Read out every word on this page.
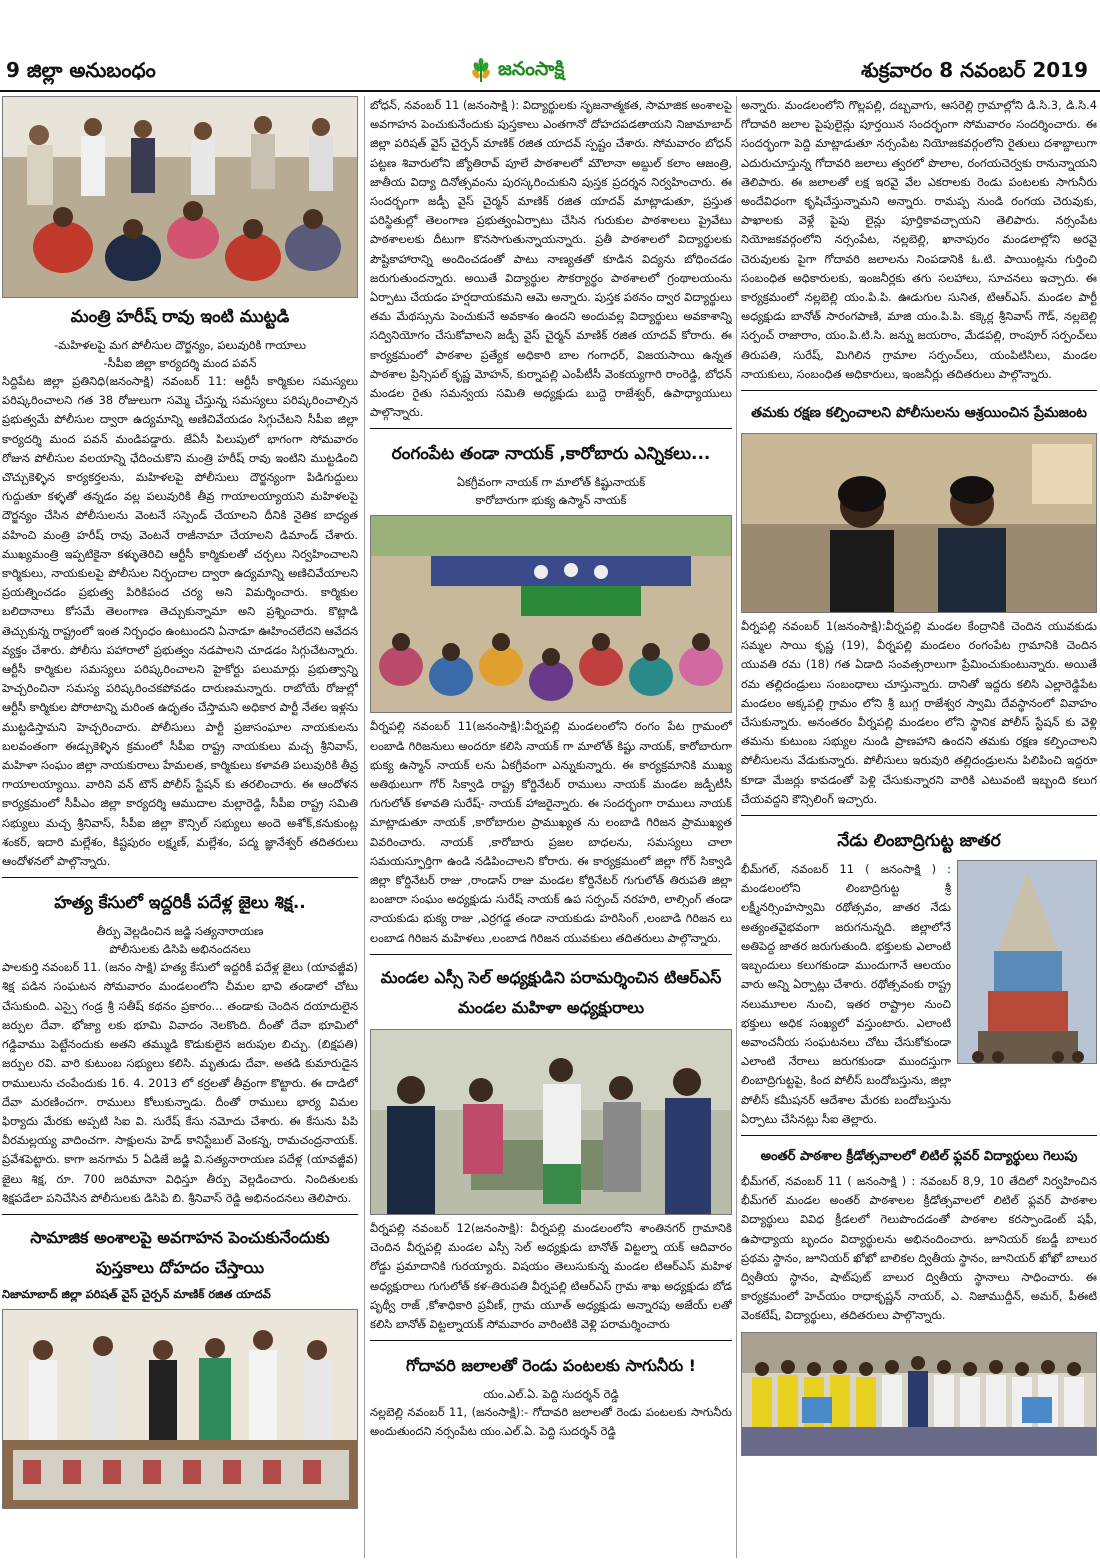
9 జిల్లా అనుబంధం	జనంసాక్షి	శుక్రవారం 8 నవంబర్ 2019
మంత్రి హరీష్ రావు ఇంటి ముట్టడి
-మహిళలపై మగ పోలీసుల దౌర్జన్యం, పలువురికి గాయాలు
-సీపీఐ జిల్లా కార్యదర్శి మంద పవన్
సిద్దిపేట జిల్లా ప్రతినిధి(జనంసాక్షి) నవంబర్ 11: ఆర్టీసీ కార్మికుల సమస్యలు పరిష్కరించాలని గత 38 రోజులుగా సమ్మె చేస్తున్న సమస్యలు పరిష్కరించాల్సిన ప్రభుత్వమే పోలీసుల ద్వారా ఉద్యమాన్ని అణిచివేయడం సిగ్గుచేటని సీపీఐ జిల్లా కార్యదర్శి మంద పవన్ మండిపడ్డారు. జేఏసీ పిలుపులో భాగంగా సోమవారం రోజున పోలీసుల వలయాన్ని ఛేదించుకొని మంత్రి హరీష్ రావు ఇంటిని ముట్టడించి చొచ్చుకెళ్ళిన కార్యకర్తలను, మహిళలపై పోలీసులు దౌర్జన్యంగా పిడిగుద్దులు గుద్దుతూ కళ్ళతో తన్నడం వల్ల పలువురికి తీవ్ర గాయాలయ్యాయని మహిళలపై దౌర్జన్యం చేసిన పోలీసులను వెంటనే సస్పెండ్ చేయాలని దీనికి నైతిక బాధ్యత వహించి మంత్రి హరీష్ రావు వెంటనే రాజీనామా చేయాలని డిమాండ్ చేశారు. ముఖ్యమంత్రి ఇప్పటికైనా కళ్ళుతెరిచి ఆర్టీసీ కార్మికులతో చర్చలు నిర్వహించాలని కార్మికులు, నాయకులపై పోలీసుల నిర్భందాల ద్వారా ఉద్యమాన్ని అణిచివేయాలని ప్రయత్నించడం ప్రభుత్వ పిరికిపంద చర్య అని విమర్శించారు. కార్మికుల బలిదానాలు కోసమే తెలంగాణ తెచ్చుకున్నామా అని ప్రశ్నించారు. కొట్లాడి తెచ్చుకున్న రాష్ట్రంలో ఇంత నిర్బంధం ఉంటుందని ఏనాడూ ఊహించలేదని ఆవేదన వ్యక్తం చేశారు. పోలీసు పహారాలో ప్రభుత్వం నడపాలని చూడడం సిగ్గుచేటన్నారు. ఆర్టీసీ కార్మికుల సమస్యలు పరిష్కరించాలని హైకోర్టు పలుమార్లు ప్రభుత్వాన్ని హెచ్చరించినా సమస్య పరిష్కరించకపోవడం దారుణమన్నారు. రాబోయే రోజుల్లో ఆర్టీసీ కార్మికుల పోరాటాన్ని మరింత ఉధృతం చేస్తామని అధికార పార్టీ నేతల ఇళ్లను ముట్టడిస్తామని హెచ్చరించారు. పోలీసులు పార్టీ ప్రజాసంఘాల నాయకులను బలవంతంగా ఈడ్చుకెళ్ళిన క్రమంలో సీపీఐ రాష్ట్ర నాయకులు మచ్చ శ్రీనివాస్, మహిళా సంఘం జిల్లా నాయకురాలు హేమలత, కార్మికులు కళావతి పలువురికి తీవ్ర గాయాలయ్యాయి. వారిని వన్ టౌన్ పోలీస్ స్టేషన్ కు తరలించారు. ఈ ఆందోళన కార్యక్రమంలో సీపీఎం జిల్లా కార్యదర్శి ఆముదాల మల్లారెడ్డి, సీపీఐ రాష్ట్ర సమితి సభ్యులు మచ్చ శ్రీనివాస్, సీపీఐ జిల్లా కౌన్సిల్ సభ్యులు అందె అశోక్,కనుకుంట్ల శంకర్, ఇదారి మల్లేశం, కిష్టపురం లక్ష్మణ్, మల్లేశం, పద్మ జ్ఞానేశ్వర్ తదితరులు ఆందోళనలో పాల్గొన్నారు.
హత్య కేసులో ఇద్దరికీ పదేళ్ల జైలు శిక్ష..
తీర్పు వెల్లడించిన జడ్జి సత్యనారాయణ
పోలీసులకు డిసిపి అభినందనలు
పాలకుర్తి నవంబర్ 11. (జనం సాక్షి) హత్య కేసులో ఇద్దరికీ పదేళ్ల జైలు (యావజ్జీవ) శిక్ష పడిన సంఘటన సోమవారం మండలంలోని చీమల భావి తండాలో చోటు చేసుకుంది. ఎస్సై గండ్ర శ్రీ సతీష్ కథనం ప్రకారం... తండాకు చెందిన దయాదులైన జర్పుల దేవా. భోజ్యా లకు భూమి వివాదం నెలకొంది. దీంతో దేవా భూమిలో గడ్డివాము పెట్టేనందుకు అతని తమ్ముడి కొడుకులైన జరుపుల బిచ్చు. (బిక్షపతి) జర్పుల రవి. వారి కుటుంబ సభ్యులు కలిసి. మృతుడు దేవా. అతడి కుమారుడైన రాములును చంపేందుకు 16. 4. 2013 లో కర్రలతో తీవ్రంగా కొట్టారు. ఈ దాడిలో దేవా మరణించగా. రాములు కోలుకున్నాడు. దీంతో రాములు భార్య విమల ఫిర్యాదు మేరకు అప్పటి సిఐ వి. సురేష్ కేసు నమోదు చేశారు. ఈ కేసును పిపి వీరమల్లయ్య వాదించగా. సాక్షులను హెడ్ కానిస్టేబుల్ వెంకన్న, రామచంద్రనాయక్. ప్రవేశపెట్టారు. కాగా జనగామ 5 ఏడిజే జడ్జి వి.సత్యనారాయణ పదేళ్ల (యావజ్జీవ) జైలు శిక్ష, రూ. 700 జరిమానా విధిస్తూ తీర్పు వెల్లడించారు. నిందితులకు శిక్షపడేలా పనిచేసిన పోలీసులకు డిసిపి బి. శ్రీనివాస్ రెడ్డి అభినందనలు తెలిపారు.
సామాజిక అంశాలపై అవగాహన పెంచుకునేందుకు
పుస్తకాలు దోహదం చేస్తాయి
నిజామాబాద్ జిల్లా పరిషత్ వైస్ చైర్పన్ మాణిక్ రజిత యాదవ్
బోధన్, నవంబర్ 11 (జనంసాక్షి ): విద్యార్థులకు సృజనాత్మకత, సామాజిక అంశాలపై అవగాహన పెంచుకునేందుకు పుస్తకాలు ఎంతగానో దోహదపడతాయని నిజామాబాద్ జిల్లా పరిషత్ వైస్ చైర్పన్ మాణిక్ రజిత యాదవ్ స్పష్టం చేశారు. సోమవారం బోధన్ పట్టణ శివారులోని జ్యోతిరావ్ పూలే పాఠశాలలో మౌలానా అబ్దుల్ కలాం ఆజంత్రి, జాతీయ విద్యా దినోత్సవంను పురస్కరించుకుని పుస్తక ప్రదర్శన నిర్వహించారు. ఈ సందర్భంగా జడ్పీ వైస్ చైర్మన్ మాణిక్ రజిత యాదవ్ మాట్లాడుతూ, ప్రస్తుత పరిస్థితుల్లో తెలంగాణ ప్రభుత్వంఏర్పాటు చేసిన గురుకుల పాఠశాలలు ప్రైవేటు పాఠశాలలకు దీటుగా కొనసాగుతున్నాయన్నారు. ప్రతీ పాఠశాలలో విద్యార్థులకు పౌష్టికాహారాన్ని అందించడంతో పాటు నాణ్యతతో కూడిన విద్యను బోధించడం జరుగుతుందన్నారు. అయితే విద్యార్థుల సౌకర్యార్థం పాఠశాలలో గ్రంథాలయంను ఏర్పాటు చేయడం హర్షదాయకమని ఆమె అన్నారు. పుస్తక పఠనం ద్వార విద్యార్థులు తమ మేథస్సును పెంచుకునే అవకాశం ఉందని అందువల్ల విద్యార్థులు అవకాశాన్ని సద్వినియోగం చేసుకోవాలని జడ్పీ వైస్ చైర్మన్ మాణిక్ రజిత యాదవ్ కోరారు. ఈ కార్యక్రమంలో పాఠశాల ప్రత్యేక అధికారి బాల గంగాధర్, విజయసాయి ఉన్నత పాఠశాల ప్రిన్సిపల్ కృష్ణ మోహన్, కుర్నాపల్లి ఎంపీటీసీ వెంకయ్యగారి రాంరెడ్డి, బోధన్ మండల రైతు సమన్వయ సమితి అధ్యక్షుడు బుద్దె రాజేశ్వర్, ఉపాధ్యాయులు పాల్గొన్నారు.
రంగంపేట తండా నాయక్ ,కారోబారు ఎన్నికలు...
ఏకగ్రీవంగా నాయక్ గా మాలోత్ కిష్టునాయక్
కారోబారుగా భుక్య ఉస్మాన్ నాయక్
వీర్నపల్లి నవంబర్ 11(జనంసాక్షి):వీర్నపల్లి మండలంలోని రంగం పేట గ్రామంలో లంబాడి గిరిజనులు అందరూ కలిసి నాయక్ గా మాలోత్ కిష్టు నాయక్, కారోబారుగా భుక్య ఉస్మాన్ నాయక్ లను ఏకగ్రీవంగా ఎన్నుకున్నారు. ఈ కార్యక్రమానికి ముఖ్య అతిథులుగా గోర్ సిక్వాడి రాష్ట్ర కోర్డినేటర్ రాములు నాయక్ మండల జడ్పీటీసీ గుగులోత్ కళావతి సురేష్- నాయక్ హాజరైన్నారు. ఈ సందర్భంగా రాములు నాయక్ మాట్లాడుతూ నాయక్ ,కారోబారుల ప్రాముఖ్యత ను లంబాడి గిరిజన ప్రాముఖ్యత వివరించారు. నాయక్ ,కారోబారు ప్రజల బాధలను, సమస్యలు చాలా సమయస్ఫూర్తిగా ఉండి నడిపించాలని కోరారు. ఈ కార్యక్రమంలో జిల్లా గోర్ సిక్వాడి జిల్లా కోర్డినేటర్ రాజు ,రాండాస్ రాజు మండల కోర్డినేటర్ గుగులోత్ తిరుపతి జిల్లా బంజారా సంఘం అధ్యక్షుడు సురేష్ నాయక్ ఉప సర్పంచ్ నరహరి, లాల్సింగ్ తండా నాయకుడు భుక్య రాజు ,ఎర్రగడ్డ తండా నాయకుడు హరిసింగ్ ,లంబాడి గిరిజన లు లంబాడ గిరిజన మహిళలు ,లంబాడ గిరిజన యువకులు తదితరులు పాల్గొన్నారు.
మండల ఎస్సీ సెల్ అధ్యక్షుడిని పరామర్శించిన టిఆర్ఎస్
మండల మహిళా అధ్యక్షురాలు
వీర్నపల్లి నవంబర్ 12(జనంసాక్షి): వీర్నపల్లి మండలంలోని శాంతినగర్ గ్రామానికి చెందిన వీర్నపల్లి మండల ఎస్సీ సెల్ అధ్యక్షుడు బానోత్ విట్టల్నా యక్ ఆదివారం రోడ్డు ప్రమాదానికి గురయ్యారు. విషయం తెలుసుకున్న మండల టిఆర్ఎస్ మహిళ అధ్యక్షురాలు గుగులోత్ కళ-తిరుపతి వీర్నపల్లి టిఆర్ఎస్ గ్రామ శాఖ అధ్యక్షుడు బోడ పృథ్వీ రాజ్ ,కోశాధికారి ప్రవీణ్, గ్రామ యూత్ అధ్యక్షుడు అన్నారపు అజేయ్ లతో కలిసి బానోత్ విట్టల్నాయక్ సోమవారం వారింటికి వెళ్లి పరామర్శించారు
గోదావరి జలాలతో రెండు పంటలకు సాగునీరు !
యం.ఎల్.ఏ. పెద్ది సుదర్శన్ రెడ్డి
నల్లబెల్లి నవంబర్ 11, (జనంసాక్షి):- గోదావరి జలాలతో రెండు పంటలకు సాగునీరు అందుతుందని నర్సంపేట యం.ఎల్.ఏ. పెద్ది సుదర్శన్ రెడ్డి
అన్నారు. మండలంలోని గొల్లపల్లి, దబ్బవాగు, ఆసరెల్లి గ్రామాల్లోని డి.సి.3, డి.సి.4 గోదావరి జలాల పైపులైన్లు పూర్తయిన సందర్భంగా సోమవారం సందర్శించారు. ఈ సందర్భంగా పెద్ది మాట్లాడుతూ నర్సంపేట నియోజకవర్గంలోని రైతులు దశాబ్దాలుగా ఎదురుచూస్తున్న గోదావరి జలాలు త్వరలో పొలాల, రంగయచెర్వకు రానున్నాయని తెలిపారు. ఈ జలాలతో లక్ష ఇరవై వేల ఎకరాలకు రెండు పంటలకు సాగునీరు అందేవిధంగా కృషిచేస్తున్నామని అన్నారు. రామప్ప నుండి రంగయ చెరువుకు, పాఖాలకు వెళ్లే పైపు లైన్లు పూర్తికావచ్చాయని తెలిపారు. నర్సంపేట నియోజకవర్గంలోని నర్సంపేట, నల్లబెల్లి, ఖానాపురం మండలాల్లోని అరవై చెరువులకు పైగా గోదావరి జలాలను నింపడానికి ఓ.టి. పాయింట్లను గుర్తించి సంబంధిత అధికారులకు, ఇంజనీర్లకు తగు సలహాలు, సూచనలు ఇచ్చారు. ఈ కార్యక్రమంలో నల్లబెల్లి యం.పి.పి. ఊడుగుల సునిత, టిఆర్ఎస్. మండల పార్టీ అధ్యక్షుడు బానోత్ సారంగపాణి, మాజి యం.పి.పి. కక్కెర్ల శ్రీనివాస్ గౌడ్, నల్లబెల్లి సర్పంచ్ రాజారాం, యం.పి.టి.సి. జన్ను జయరాం, మేడపల్లి, రాంపూర్ సర్పంచ్‌లు తిరుపతి, సురేష్, మిగిలిన గ్రామాల సర్పంచ్‌లు, యంపిటిసిలు, మండల నాయకులు, సంబంధిత అధికారులు, ఇంజనీర్లు తదితరులు పాల్గొన్నారు.
తమకు రక్షణ కల్పించాలని పోలీసులను ఆశ్రయించిన ప్రేమజంట
వీర్నపల్లి నవంబర్ 1(జనంసాక్షి):వీర్నపల్లి మండల కేంద్రానికి చెందిన యువకుడు సమ్మల సాయి కృష్ణ (19), వీర్నపల్లి మండలం రంగంపేట గ్రామానికి చెందిన యువతి రమ (18) గత ఏడాది సంవత్సరాలుగా ప్రేమించుకుంటున్నారు. అయితే రమ తల్లిదండ్రులు సంబంధాలు చూస్తున్నారు. దానితో ఇద్దరు కలిసి ఎల్లారెడ్డిపేట మండలం అక్కపల్లి గ్రామం లోని శ్రీ బుగ్గ రాజేశ్వర స్వామి దేవస్థానంలో వివాహం చేసుకున్నారు. అనంతరం వీర్నపల్లి మండలం లోని స్థానిక పోలీస్ స్టేషన్ కు వెళ్లి తమను కుటుంబ సభ్యుల నుండి ప్రాణహాని ఉందని తమకు రక్షణ కల్పించాలని పోలీసులను వేడుకున్నారు. పోలీసులు ఇరువురి తల్లిదండ్రులను పిలిపించి ఇద్దరూ కూడా మేజర్లు కావడంతో పెళ్లి చేసుకున్నారని వారికి ఎటువంటి ఇబ్బంది కలుగ చేయవద్దని కౌన్సిలింగ్ ఇచ్చారు.
నేడు లింబాద్రిగుట్ట జాతర
భీమ్‌గల్, నవంబర్ 11 ( జనంసాక్షి ) : మండలంలోని లింబాద్రిగుట్ట శ్రీ లక్ష్మీనర్సింహస్వామి రథోత్సవం, జాతర నేడు అత్యంతవైభవంగా జరుగనున్నది. జిల్లాలోనే అతిపెద్ద జాతర జరుగుతుంది. భక్తులకు ఎలాంటి ఇబ్బందులు కలుగకుండా ముందుగానే ఆలయం వారు అన్ని ఏర్పాట్లు చేశారు. రథోత్సవంకు రాష్ట్ర నలుమూలల నుంచి, ఇతర రాష్ట్రాల నుంచి భక్తులు అధిక సంఖ్యలో వస్తుంటారు. ఎలాంటి అవాంచనీయ సంఘటనలు చోటు చేసుకోకుండా ఎలాంటి నేరాలు జరుగకుండా ముందస్తుగా లింబాద్రిగుట్టపై, కింద పోలీస్ బందోబస్తును, జిల్లా పోలీస్ కమీషనర్ ఆదేశాల మేరకు బందోబస్తును ఏర్పాటు చేసినట్లు సీఐ తెల్లారు.
అంతర్ పాఠశాల క్రీడోత్సవాలలో లిటిల్ ఫ్లవర్ విద్యార్థులు గెలుపు
భీమ్‌గల్, నవంబర్ 11 ( జనంసాక్షి ) : నవంబర్ 8,9, 10 తేదిలో నిర్వహించిన భీమ్‌గల్ మండల అంతర్ పాఠశాలల క్రీడోత్సవాలలో లిటిల్ ఫ్లవర్ పాఠశాల విద్యార్థులు వివిధ క్రీడలలో గెలుపొందడంతో పాఠశాల కరస్పాండెంట్ షఫీ, ఉపాధ్యాయ బృందం విద్యార్థులను అభినందించారు. జూనియర్ కబడ్డీ బాలుర ప్రథమ స్థానం, జూనియర్ ఖోఖో బాలికల ద్వితీయ స్థానం, జూనియర్ ఖోఖో బాలుర ద్వితీయ స్థానం, షాట్‌పుట్ బాలుర ద్వితీయ స్థానాలు సాధించారు. ఈ కార్యక్రమంలో హెచ్‌యం రాధాకృష్ణన్ నాయర్, ఎ. నిజాముద్దీన్, అమర్, పీఈటి వెంకటేష్, విద్యార్థులు, తదితరులు పాల్గొన్నారు.
